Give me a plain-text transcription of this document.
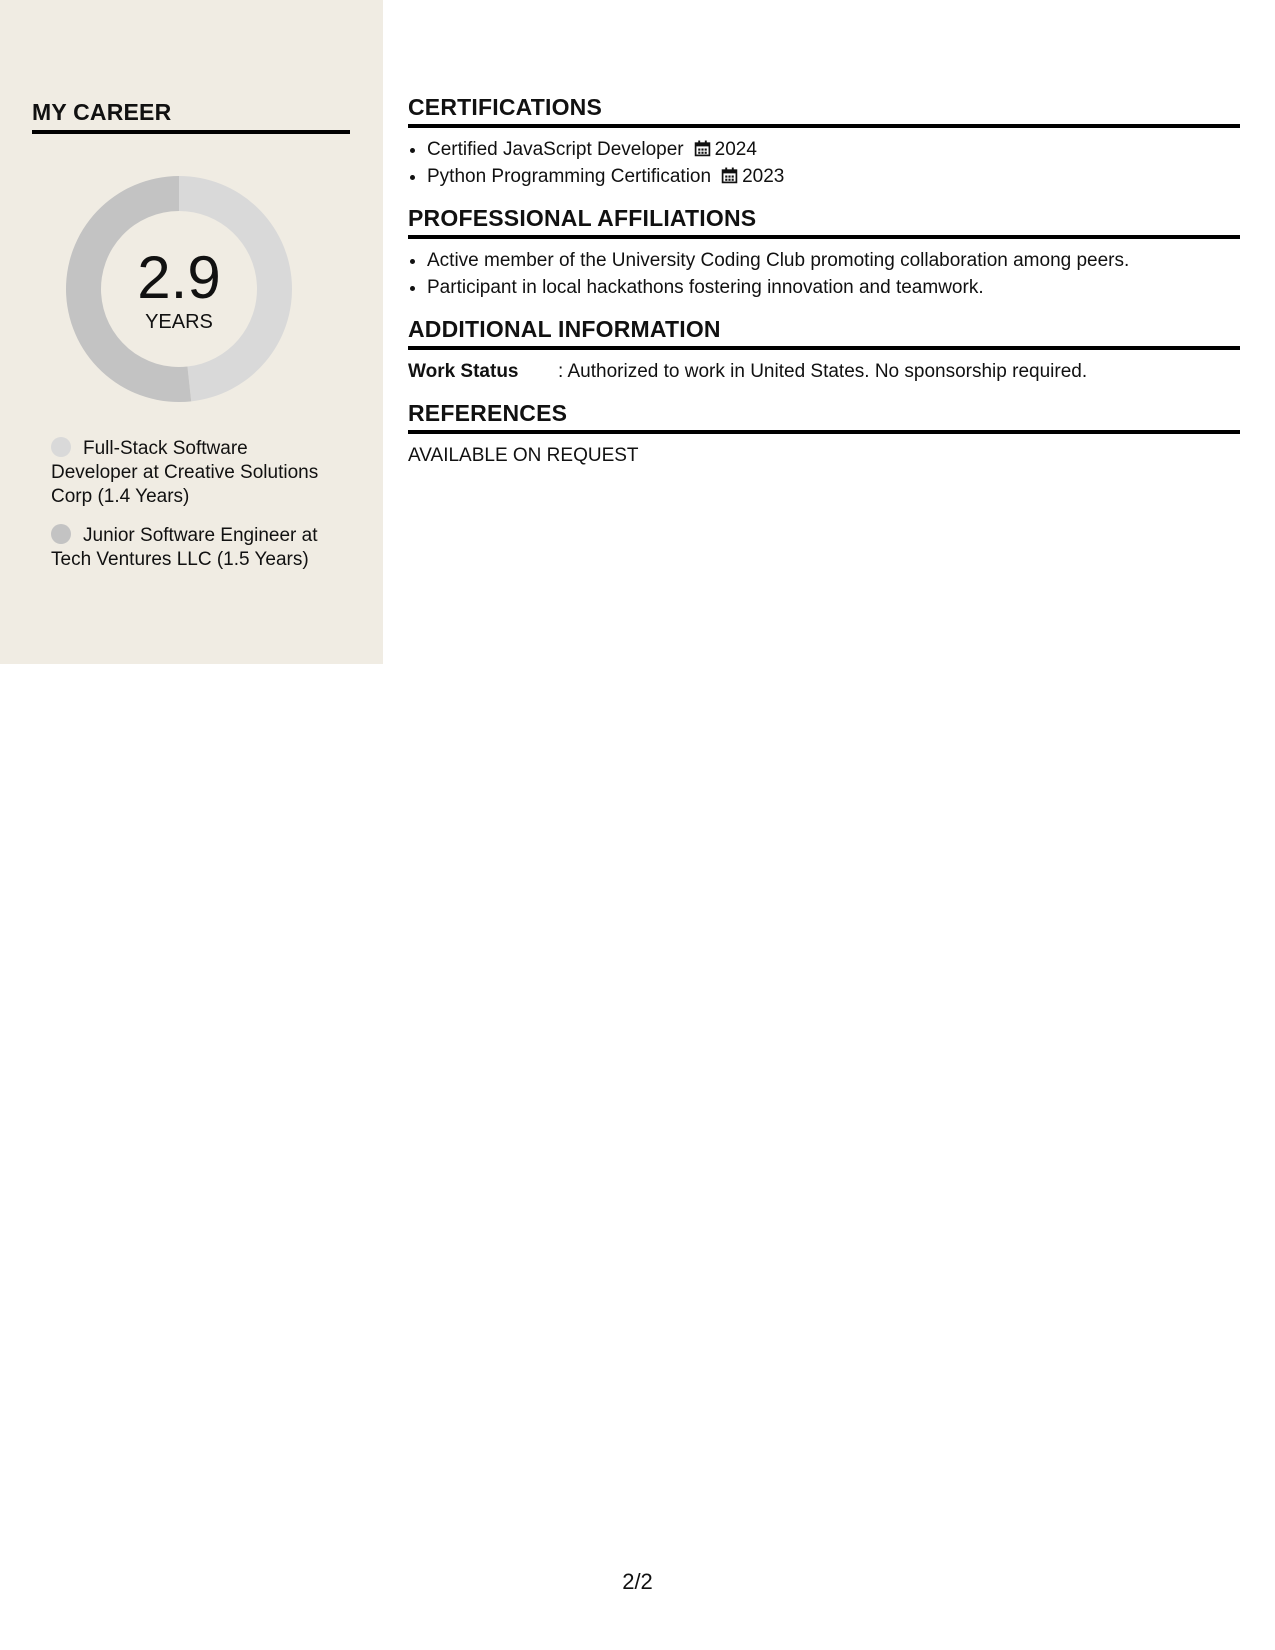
MY CAREER
2.9
YEARS
Full-Stack Software Developer at Creative Solutions Corp (1.4 Years)
Junior Software Engineer at Tech Ventures LLC (1.5 Years)
CERTIFICATIONS
• Certified JavaScript Developer 2024
• Python Programming Certification 2023
PROFESSIONAL AFFILIATIONS
• Active member of the University Coding Club promoting collaboration among peers.
• Participant in local hackathons fostering innovation and teamwork.
ADDITIONAL INFORMATION
Work Status : Authorized to work in United States. No sponsorship required.
REFERENCES
AVAILABLE ON REQUEST
2/2
